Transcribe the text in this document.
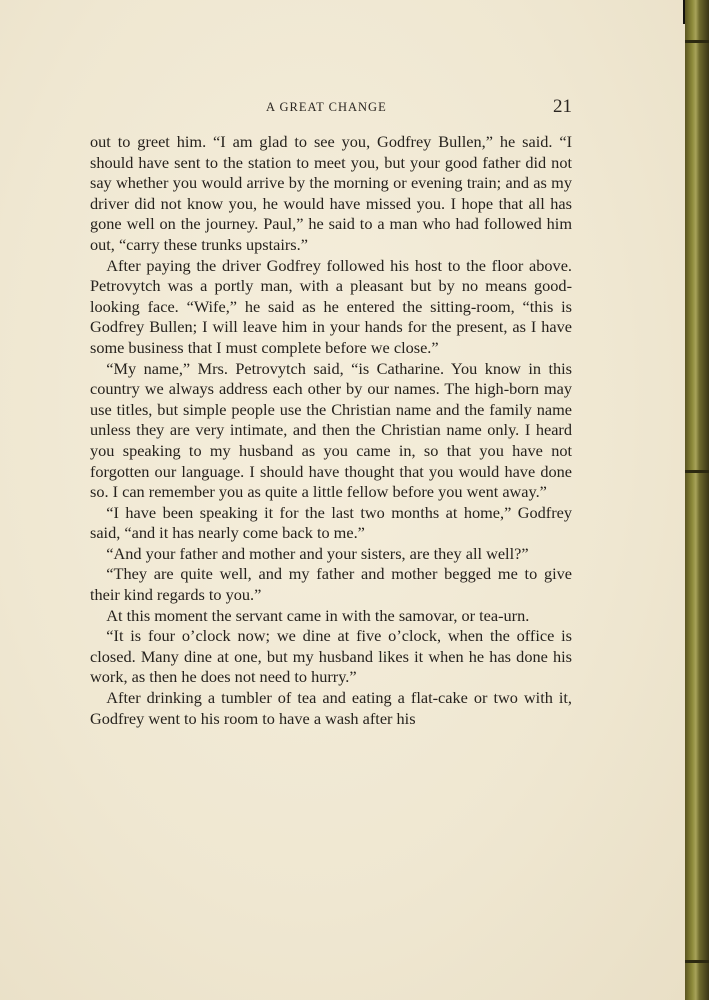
A GREAT CHANGE	21

out to greet him. “I am glad to see you, Godfrey Bullen,” he said. “I should have sent to the station to meet you, but your good father did not say whether you would arrive by the morning or evening train; and as my driver did not know you, he would have missed you. I hope that all has gone well on the journey. Paul,” he said to a man who had followed him out, “carry these trunks upstairs.”

After paying the driver Godfrey followed his host to the floor above. Petrovytch was a portly man, with a pleasant but by no means good-looking face. “Wife,” he said as he entered the sitting-room, “this is Godfrey Bullen; I will leave him in your hands for the present, as I have some business that I must complete before we close.”

“My name,” Mrs. Petrovytch said, “is Catharine. You know in this country we always address each other by our names. The high-born may use titles, but simple people use the Christian name and the family name unless they are very intimate, and then the Christian name only. I heard you speaking to my husband as you came in, so that you have not forgotten our language. I should have thought that you would have done so. I can remember you as quite a little fellow before you went away.”

“I have been speaking it for the last two months at home,” Godfrey said, “and it has nearly come back to me.”

“And your father and mother and your sisters, are they all well?”

“They are quite well, and my father and mother begged me to give their kind regards to you.”

At this moment the servant came in with the samovar, or tea-urn.

“It is four o’clock now; we dine at five o’clock, when the office is closed. Many dine at one, but my husband likes it when he has done his work, as then he does not need to hurry.”

After drinking a tumbler of tea and eating a flat-cake or two with it, Godfrey went to his room to have a wash after his
